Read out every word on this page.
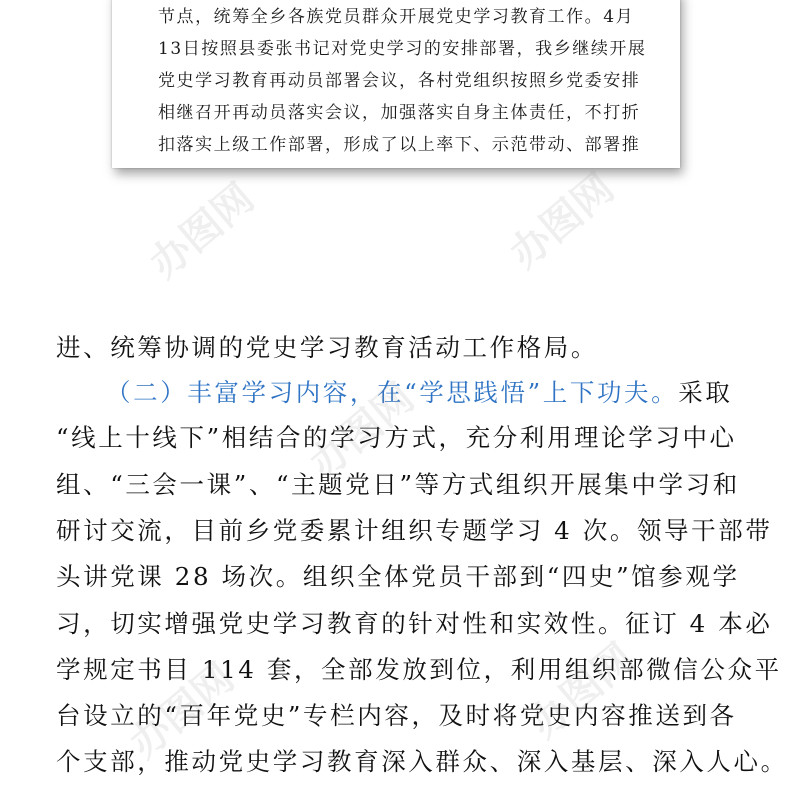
节点，统筹全乡各族党员群众开展党史学习教育工作。4月
13日按照县委张书记对党史学习的安排部署，我乡继续开展
党史学习教育再动员部署会议，各村党组织按照乡党委安排
相继召开再动员落实会议，加强落实自身主体责任，不打折
扣落实上级工作部署，形成了以上率下、示范带动、部署推
进、统筹协调的党史学习教育活动工作格局。
（二）丰富学习内容，在“学思践悟”上下功夫。采取
“线上十线下”相结合的学习方式，充分利用理论学习中心
组、“三会一课”、“主题党日”等方式组织开展集中学习和
研讨交流，目前乡党委累计组织专题学习 4 次。领导干部带
头讲党课 28 场次。组织全体党员干部到“四史”馆参观学
习，切实增强党史学习教育的针对性和实效性。征订 4 本必
学规定书目 114 套，全部发放到位，利用组织部微信公众平
台设立的“百年党史”专栏内容，及时将党史内容推送到各
个支部，推动党史学习教育深入群众、深入基层、深入人心。
办图网	办图网
办图网
办图网	办图网
